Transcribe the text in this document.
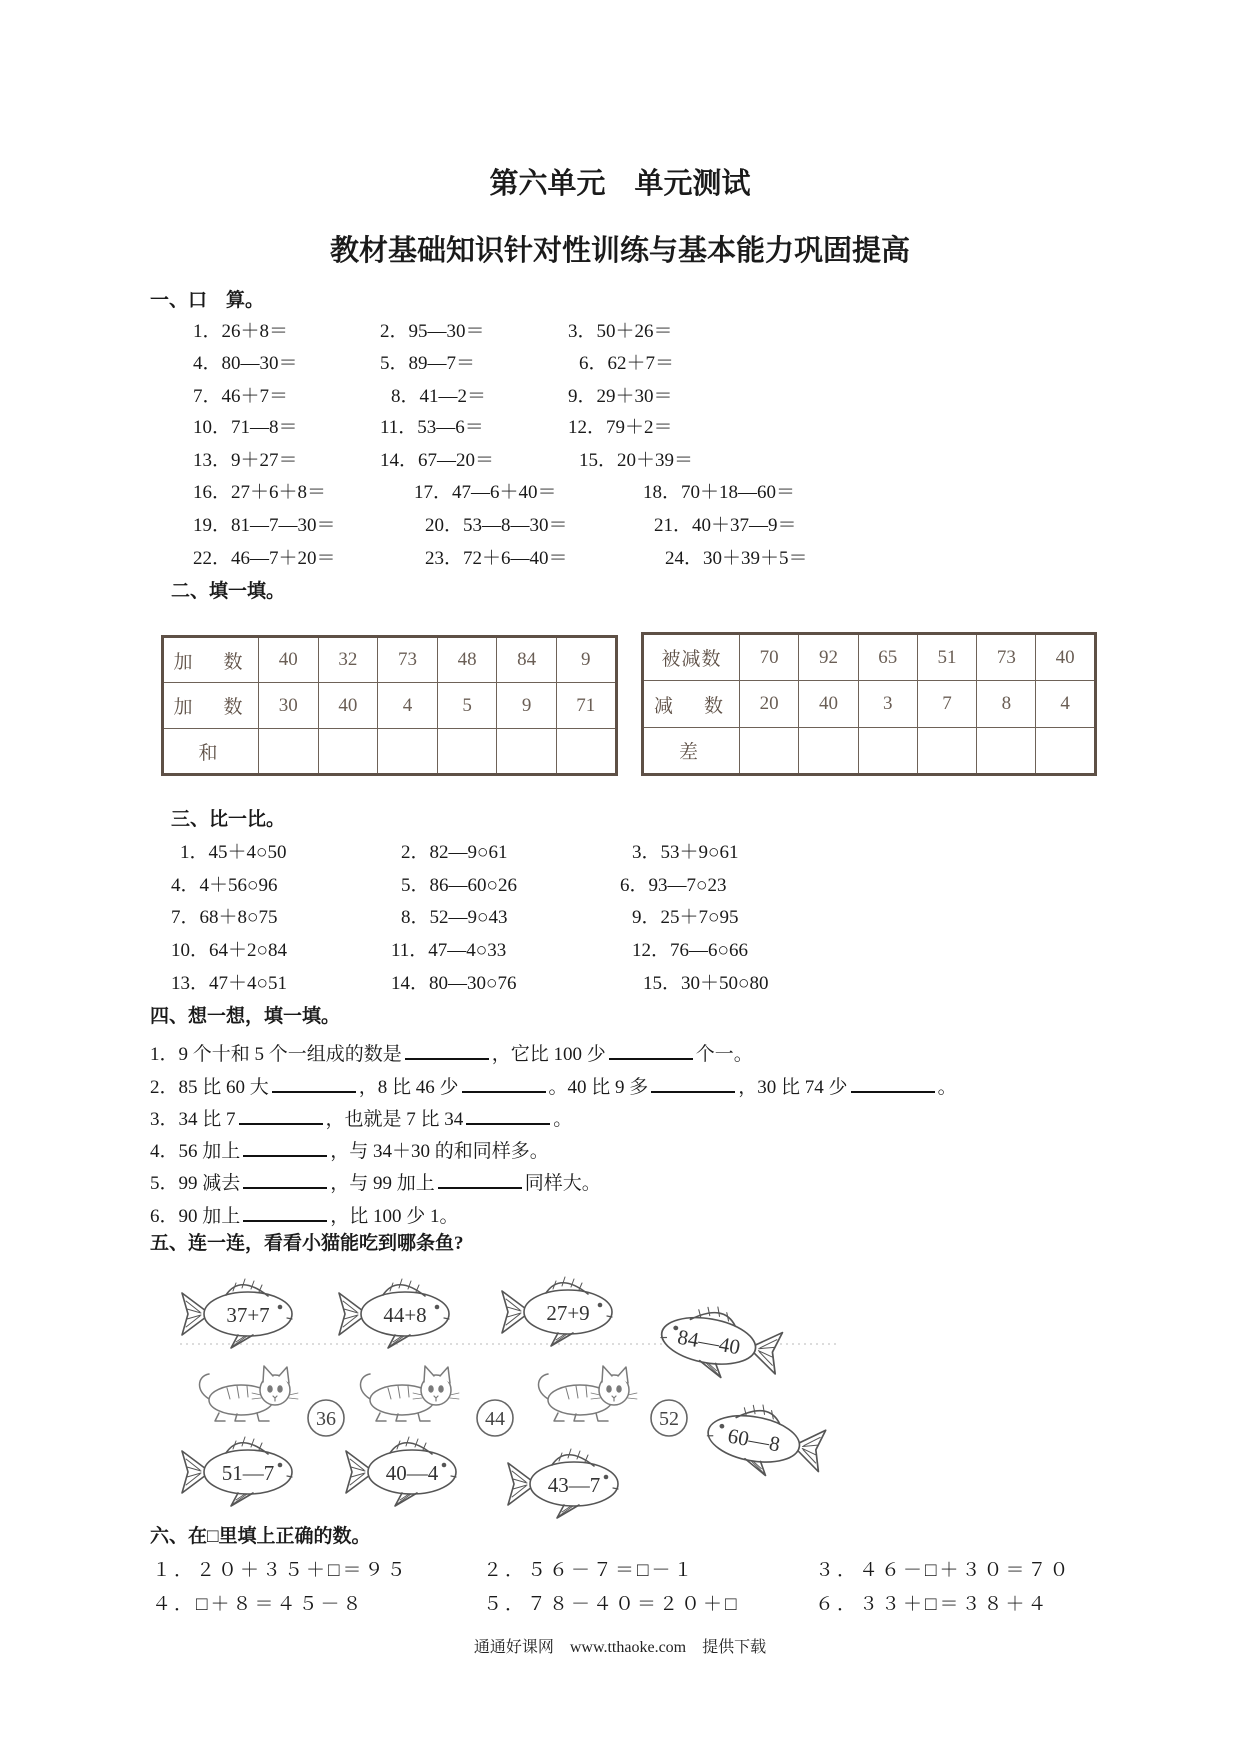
第六单元　单元测试
教材基础知识针对性训练与基本能力巩固提高
一、口　算。
1．26＋8＝	2．95—30＝	3．50＋26＝
4．80—30＝	5．89—7＝	6．62＋7＝
7．46＋7＝	8．41—2＝	9．29＋30＝
10．71—8＝	11．53—6＝	12．79＋2＝
13．9＋27＝	14．67—20＝	15．20＋39＝
16．27＋6＋8＝	17．47—6＋40＝	18．70＋18—60＝
19．81—7—30＝	20．53—8—30＝	21．40＋37—9＝
22．46—7＋20＝	23．72＋6—40＝	24．30＋39＋5＝
二、填一填。
加　数	40	32	73	48	84	9
加　数	30	40	4	5	9	71
和						
被减数	70	92	65	51	73	40
减　数	20	40	3	7	8	4
差						
三、比一比。
1．45＋4○50	2．82—9○61	3．53＋9○61
4．4＋56○96	5．86—60○26	6．93—7○23
7．68＋8○75	8．52—9○43	9．25＋7○95
10．64＋2○84	11．47—4○33	12．76—6○66
13．47＋4○51	14．80—30○76	15．30＋50○80
四、想一想，填一填。
1．9 个十和 5 个一组成的数是	，它比 100 少	个一。
2．85 比 60 大	，8 比 46 少	。40 比 9 多	，30 比 74 少	。
3．34 比 7	，也就是 7 比 34	。
4．56 加上	，与 34＋30 的和同样多。
5．99 减去	，与 99 加上	同样大。
6．90 加上	，比 100 少 1。
五、连一连，看看小猫能吃到哪条鱼?
37+7	44+8	27+9
84—40
36	44	52
60—8
51—7	40—4	43—7
六、在□里填上正确的数。
１．２０＋３５＋□＝９５	２．５６－７＝□－１	３．４６－□＋３０＝７０
４．□＋８＝４５－８	５．７８－４０＝２０＋□	６．３３＋□＝３８＋４
通通好课网　www.tthaoke.com　提供下载
